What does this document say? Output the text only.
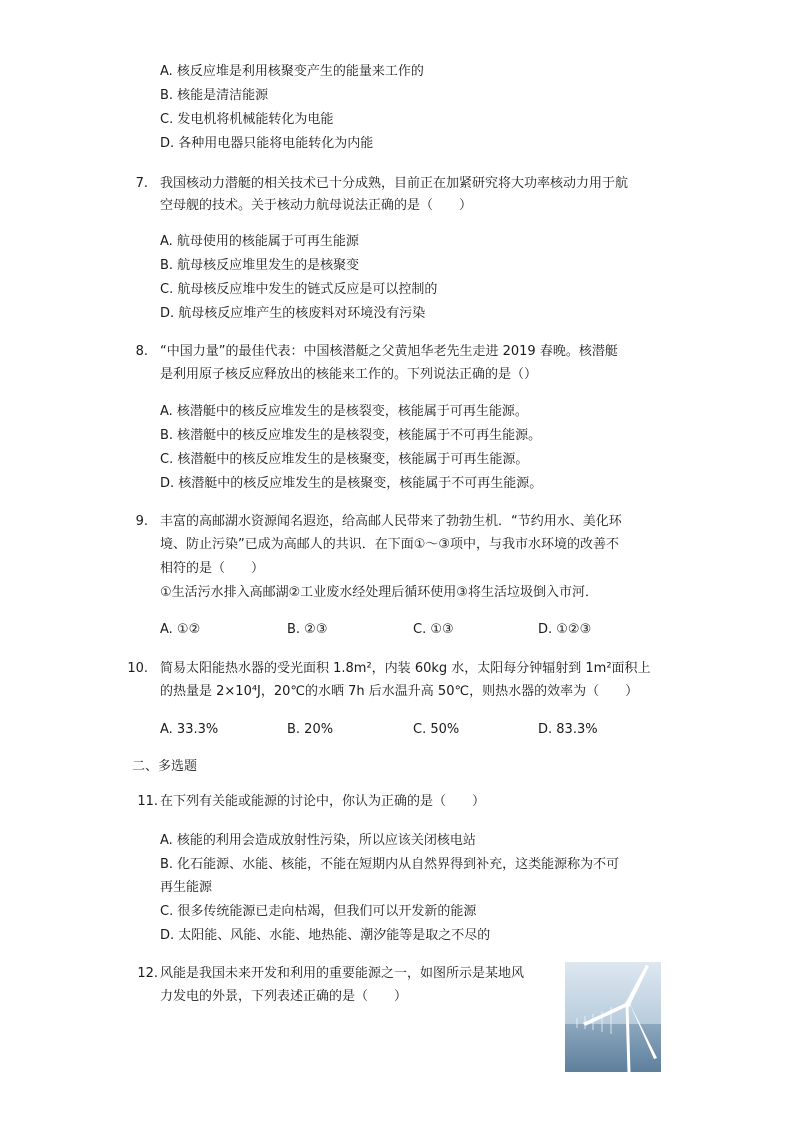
A. 核反应堆是利用核聚变产生的能量来工作的
B. 核能是清洁能源
C. 发电机将机械能转化为电能
D. 各种用电器只能将电能转化为内能
7. 我国核动力潜艇的相关技术已十分成熟，目前正在加紧研究将大功率核动力用于航
空母舰的技术。关于核动力航母说法正确的是（　　）
A. 航母使用的核能属于可再生能源
B. 航母核反应堆里发生的是核聚变
C. 航母核反应堆中发生的链式反应是可以控制的
D. 航母核反应堆产生的核废料对环境没有污染
8. “中国力量”的最佳代表：中国核潜艇之父黄旭华老先生走进 2019 春晚。核潜艇
是利用原子核反应释放出的核能来工作的。下列说法正确的是（）
A. 核潜艇中的核反应堆发生的是核裂变，核能属于可再生能源。
B. 核潜艇中的核反应堆发生的是核裂变，核能属于不可再生能源。
C. 核潜艇中的核反应堆发生的是核聚变，核能属于可再生能源。
D. 核潜艇中的核反应堆发生的是核聚变，核能属于不可再生能源。
9. 丰富的高邮湖水资源闻名遐迩，给高邮人民带来了勃勃生机．“节约用水、美化环
境、防止污染”已成为高邮人的共识．在下面①～③项中，与我市水环境的改善不
相符的是（　　）
①生活污水排入高邮湖②工业废水经处理后循环使用③将生活垃圾倒入市河．
A. ①②	B. ②③	C. ①③	D. ①②③
10. 简易太阳能热水器的受光面积 1.8m²，内装 60kg 水，太阳每分钟辐射到 1m²面积上
的热量是 2×10⁴J，20℃的水晒 7h 后水温升高 50℃，则热水器的效率为（　　）
A. 33.3%	B. 20%	C. 50%	D. 83.3%
二、多选题
11. 在下列有关能或能源的讨论中，你认为正确的是（　　）
A. 核能的利用会造成放射性污染，所以应该关闭核电站
B. 化石能源、水能、核能，不能在短期内从自然界得到补充，这类能源称为不可
再生能源
C. 很多传统能源已走向枯竭，但我们可以开发新的能源
D. 太阳能、风能、水能、地热能、潮汐能等是取之不尽的
12. 风能是我国未来开发和利用的重要能源之一，如图所示是某地风
力发电的外景，下列表述正确的是（　　）
